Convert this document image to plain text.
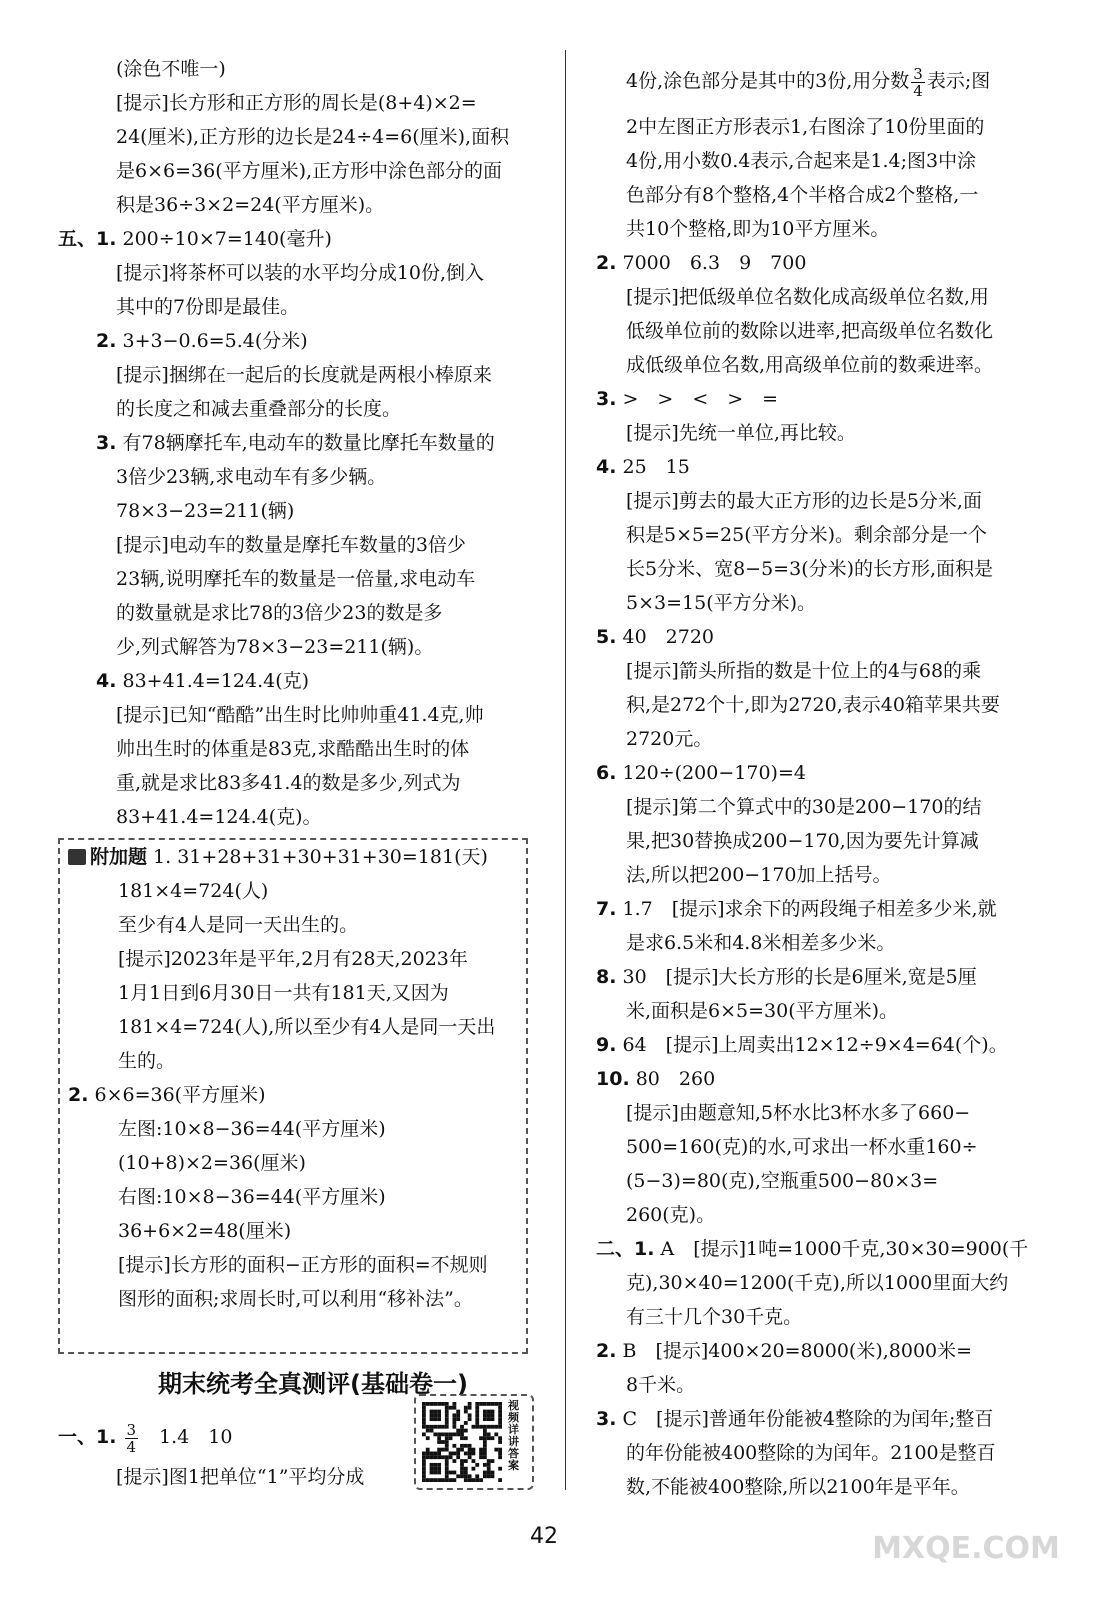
(涂色不唯一)
[提示]长方形和正方形的周长是(8+4)×2=
24(厘米),正方形的边长是24÷4=6(厘米),面积
是6×6=36(平方厘米),正方形中涂色部分的面
积是36÷3×2=24(平方厘米)。
五、1. 200÷10×7=140(毫升)
[提示]将茶杯可以装的水平均分成10份,倒入
其中的7份即是最佳。
　　2. 3+3−0.6=5.4(分米)
[提示]捆绑在一起后的长度就是两根小棒原来
的长度之和减去重叠部分的长度。
　　3. 有78辆摩托车,电动车的数量比摩托车数量的
3倍少23辆,求电动车有多少辆。
78×3−23=211(辆)
[提示]电动车的数量是摩托车数量的3倍少
23辆,说明摩托车的数量是一倍量,求电动车
的数量就是求比78的3倍少23的数是多
少,列式解答为78×3−23=211(辆)。
　　4. 83+41.4=124.4(克)
[提示]已知“酷酷”出生时比帅帅重41.4克,帅
帅出生时的体重是83克,求酷酷出生时的体
重,就是求比83多41.4的数是多少,列式为
83+41.4=124.4(克)。
附加题 1. 31+28+31+30+31+30=181(天)
181×4=724(人)
至少有4人是同一天出生的。
[提示]2023年是平年,2月有28天,2023年
1月1日到6月30日一共有181天,又因为
181×4=724(人),所以至少有4人是同一天出
生的。
2. 6×6=36(平方厘米)
左图:10×8−36=44(平方厘米)
(10+8)×2=36(厘米)
右图:10×8−36=44(平方厘米)
36+6×2=48(厘米)
[提示]长方形的面积−正方形的面积=不规则
图形的面积;求周长时,可以利用“移补法”。
期末统考全真测评(基础卷一)
一、1. $\frac{3}{4}$ 　1.4　10
[提示]图1把单位“1”平均分成
视频详讲答案
4份,涂色部分是其中的3份,用分数 $\frac{3}{4}$ 表示;图
2中左图正方形表示1,右图涂了10份里面的
4份,用小数0.4表示,合起来是1.4;图3中涂
色部分有8个整格,4个半格合成2个整格,一
共10个整格,即为10平方厘米。
2. 7000　6.3　9　700
[提示]把低级单位名数化成高级单位名数,用
低级单位前的数除以进率,把高级单位名数化
成低级单位名数,用高级单位前的数乘进率。
3. >　>　<　>　=
[提示]先统一单位,再比较。
4. 25　15
[提示]剪去的最大正方形的边长是5分米,面
积是5×5=25(平方分米)。剩余部分是一个
长5分米、宽8−5=3(分米)的长方形,面积是
5×3=15(平方分米)。
5. 40　2720
[提示]箭头所指的数是十位上的4与68的乘
积,是272个十,即为2720,表示40箱苹果共要
2720元。
6. 120÷(200−170)=4
[提示]第二个算式中的30是200−170的结
果,把30替换成200−170,因为要先计算减
法,所以把200−170加上括号。
7. 1.7　[提示]求余下的两段绳子相差多少米,就
是求6.5米和4.8米相差多少米。
8. 30　[提示]大长方形的长是6厘米,宽是5厘
米,面积是6×5=30(平方厘米)。
9. 64　[提示]上周卖出12×12÷9×4=64(个)。
10. 80　260
[提示]由题意知,5杯水比3杯水多了660−
500=160(克)的水,可求出一杯水重160÷
(5−3)=80(克),空瓶重500−80×3=
260(克)。
二、1. A　[提示]1吨=1000千克,30×30=900(千
克),30×40=1200(千克),所以1000里面大约
有三十几个30千克。
2. B　[提示]400×20=8000(米),8000米=
8千米。
3. C　[提示]普通年份能被4整除的为闰年;整百
的年份能被400整除的为闰年。2100是整百
数,不能被400整除,所以2100年是平年。
42	MXQE.COM
